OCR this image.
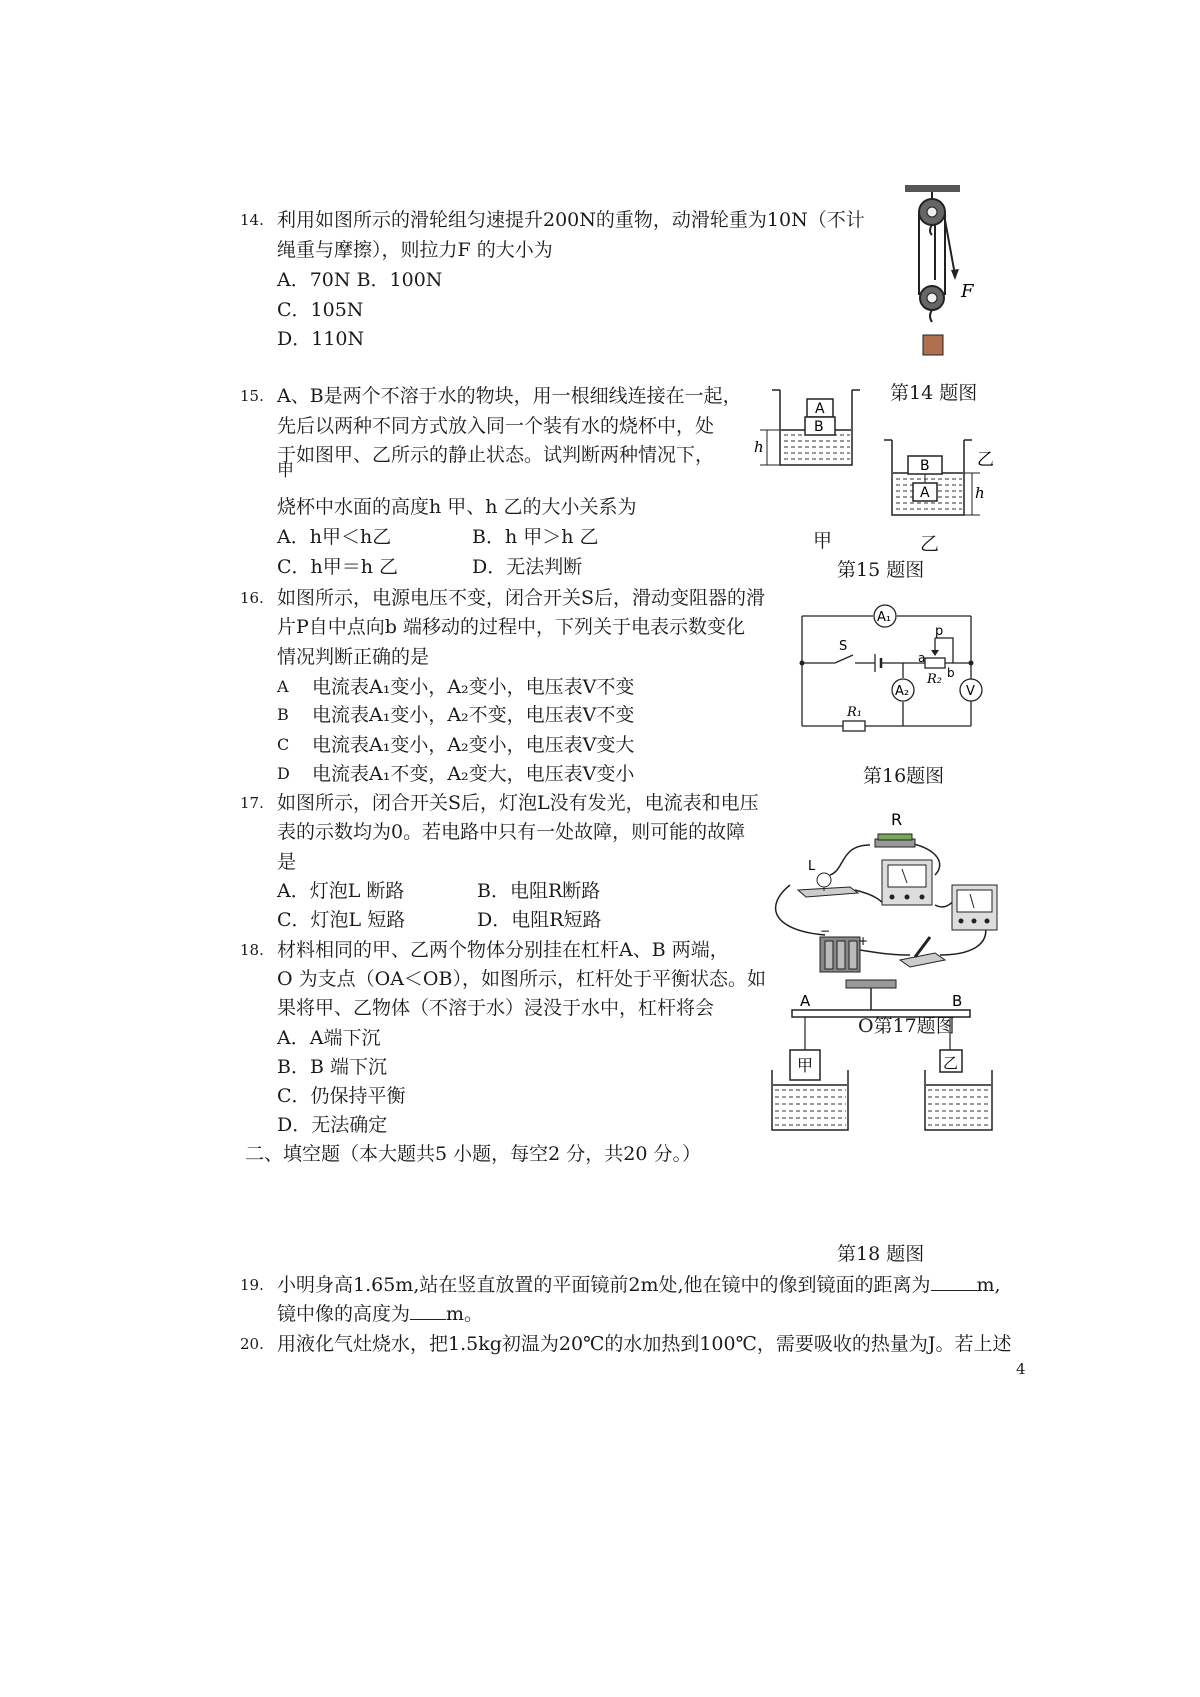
14. 利用如图所示的滑轮组匀速提升200N的重物，动滑轮重为10N（不计
绳重与摩擦），则拉力F 的大小为
A．70N B．100N
C．105N
D．110N
F
第14 题图
15. A、B是两个不溶于水的物块，用一根细线连接在一起，
先后以两种不同方式放入同一个装有水的烧杯中，处
于如图甲、乙所示的静止状态。试判断两种情况下，
甲
烧杯中水面的高度h 甲、h 乙的大小关系为
A．h甲＜h乙	B．h 甲＞h 乙
C．h甲＝h 乙	D．无法判断
A
B
h
B
A	h
乙
甲	乙
第15 题图
16. 如图所示，电源电压不变，闭合开关S后，滑动变阻器的滑
片P自中点向b 端移动的过程中，下列关于电表示数变化
情况判断正确的是
A 电流表A₁变小，A₂变小，电压表V不变
B 电流表A₁变小，A₂不变，电压表V不变
C 电流表A₁变小，A₂变小，电压表V变大
D 电流表A₁不变，A₂变大，电压表V变小
A₁
A₂	V
S
p
a
b
R₂
R₁
第16题图
17. 如图所示，闭合开关S后，灯泡L没有发光，电流表和电压
表的示数均为0。若电路中只有一处故障，则可能的故障
是
A．灯泡L 断路	B．电阻R断路
C．灯泡L 短路	D．电阻R短路	−
+
R
L
18. 材料相同的甲、乙两个物体分别挂在杠杆A、B 两端，
O 为支点（OA＜OB），如图所示，杠杆处于平衡状态。如
果将甲、乙物体（不溶于水）浸没于水中，杠杆将会
A．A端下沉
B．B 端下沉
C．仍保持平衡
D．无法确定
A	B
甲	乙
O第17题图
二、填空题（本大题共5 小题，每空2 分，共20 分。）
第18 题图
19. 小明身高1.65m,站在竖直放置的平面镜前2m处,他在镜中的像到镜面的距离为 m,
镜中像的高度为 m。
20. 用液化气灶烧水，把1.5kg初温为20℃的水加热到100℃，需要吸收的热量为J。若上述
4
